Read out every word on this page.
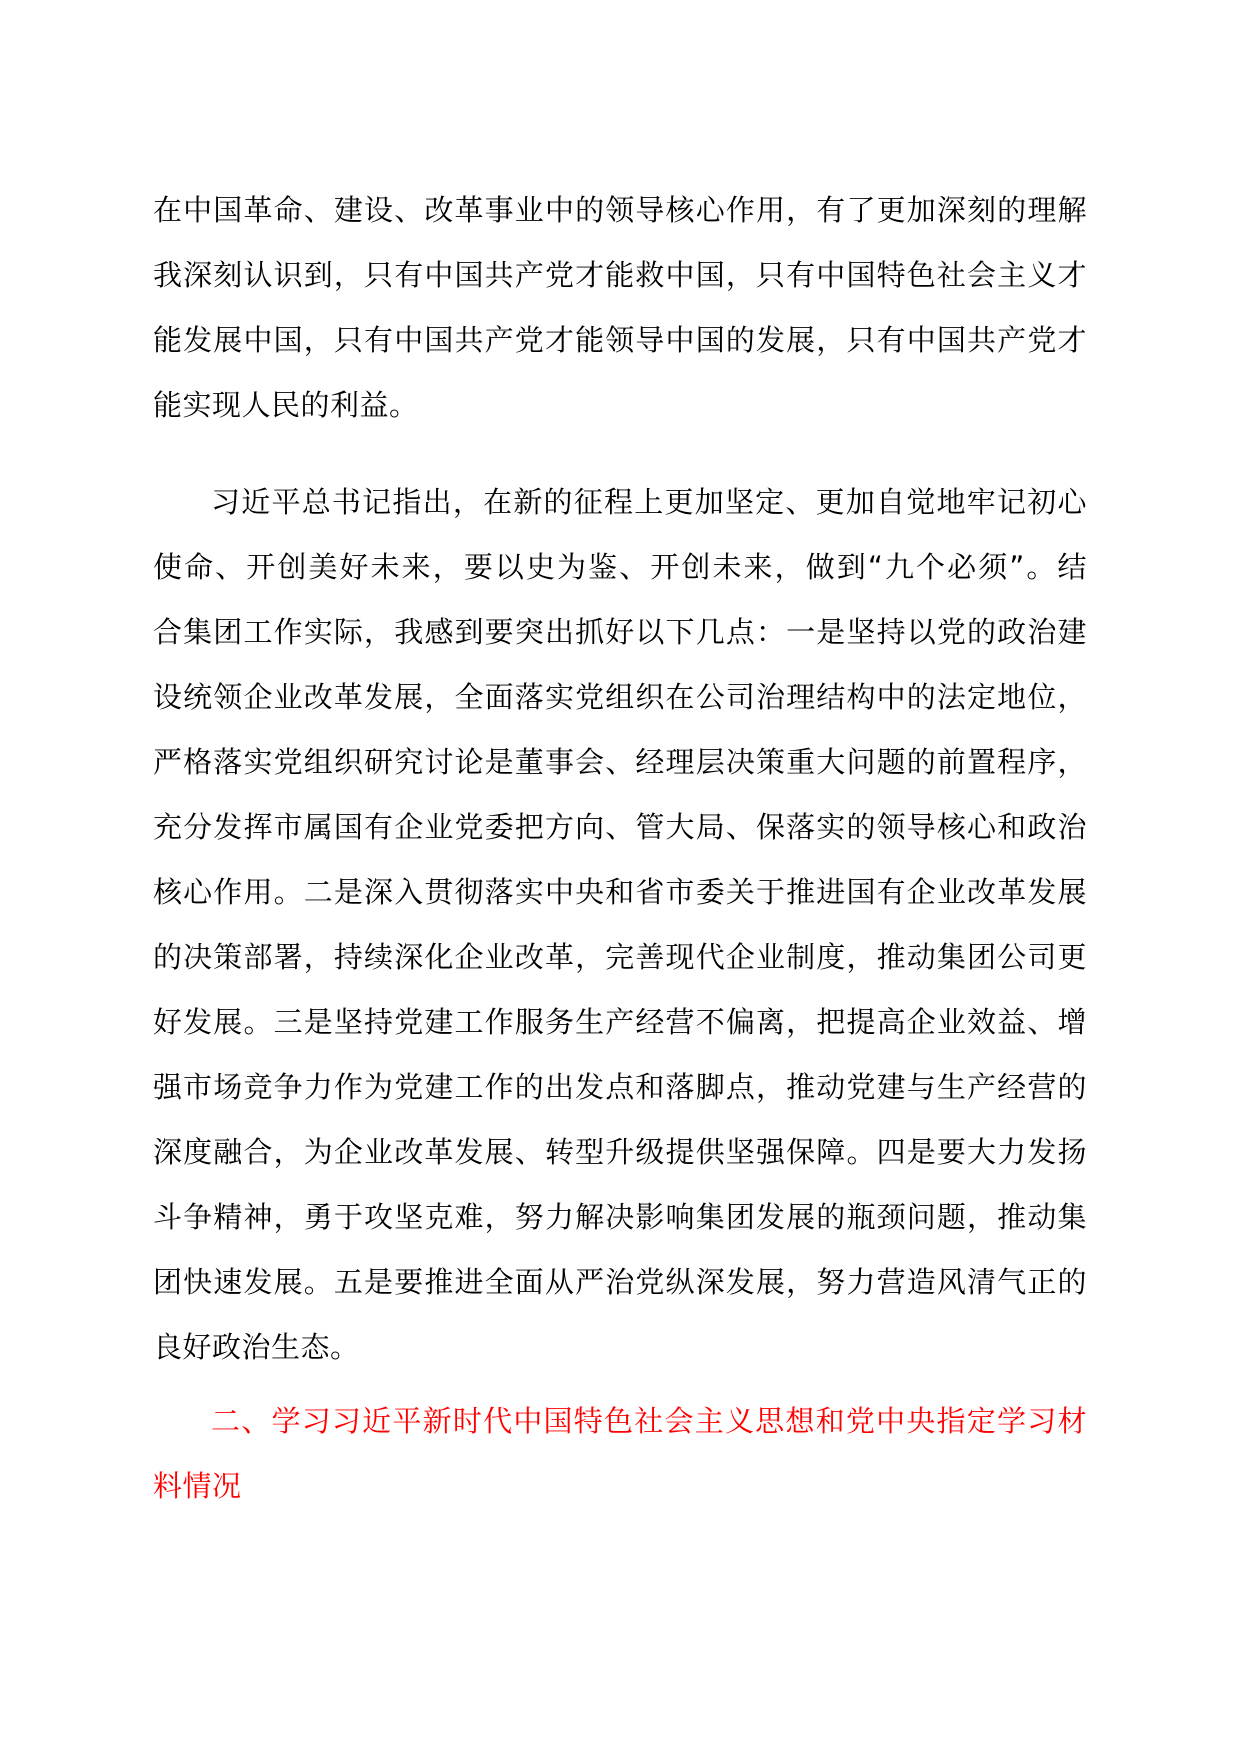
在中国革命、建设、改革事业中的领导核心作用，有了更加深刻的理解
我深刻认识到，只有中国共产党才能救中国，只有中国特色社会主义才
能发展中国，只有中国共产党才能领导中国的发展，只有中国共产党才
能实现人民的利益。
习近平总书记指出，在新的征程上更加坚定、更加自觉地牢记初心
使命、开创美好未来，要以史为鉴、开创未来，做到“九个必须”。结
合集团工作实际，我感到要突出抓好以下几点：一是坚持以党的政治建
设统领企业改革发展，全面落实党组织在公司治理结构中的法定地位，
严格落实党组织研究讨论是董事会、经理层决策重大问题的前置程序，
充分发挥市属国有企业党委把方向、管大局、保落实的领导核心和政治
核心作用。二是深入贯彻落实中央和省市委关于推进国有企业改革发展
的决策部署，持续深化企业改革，完善现代企业制度，推动集团公司更
好发展。三是坚持党建工作服务生产经营不偏离，把提高企业效益、增
强市场竞争力作为党建工作的出发点和落脚点，推动党建与生产经营的
深度融合，为企业改革发展、转型升级提供坚强保障。四是要大力发扬
斗争精神，勇于攻坚克难，努力解决影响集团发展的瓶颈问题，推动集
团快速发展。五是要推进全面从严治党纵深发展，努力营造风清气正的
良好政治生态。
二、学习习近平新时代中国特色社会主义思想和党中央指定学习材
料情况
